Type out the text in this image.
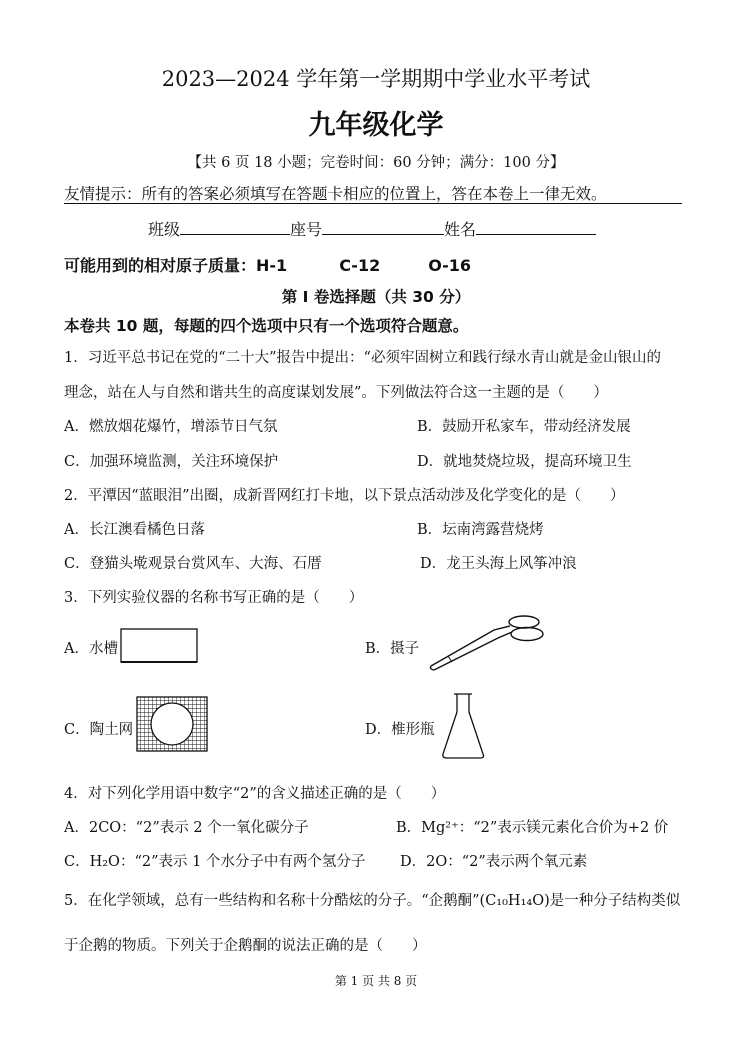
2023—2024 学年第一学期期中学业水平考试
九年级化学
【共 6 页 18 小题；完卷时间：60 分钟；满分：100 分】
友情提示：所有的答案必须填写在答题卡相应的位置上，答在本卷上一律无效。
班级	座号	姓名
可能用到的相对原子质量：H-1	C-12	O-16
第 I 卷选择题（共 30 分）
本卷共 10 题，每题的四个选项中只有一个选项符合题意。
1．习近平总书记在党的“二十大”报告中提出：“必须牢固树立和践行绿水青山就是金山银山的
理念，站在人与自然和谐共生的高度谋划发展”。下列做法符合这一主题的是（　　）
A．燃放烟花爆竹，增添节日气氛	B．鼓励开私家车，带动经济发展
C．加强环境监测，关注环境保护	D．就地焚烧垃圾，提高环境卫生
2．平潭因“蓝眼泪”出圈，成新晋网红打卡地，以下景点活动涉及化学变化的是（　　）
A．长江澳看橘色日落	B．坛南湾露营烧烤
C．登猫头墘观景台赏风车、大海、石厝	D．龙王头海上风筝冲浪
3．下列实验仪器的名称书写正确的是（　　）
A．水槽	B．摄子
C．陶土网	D．椎形瓶
4．对下列化学用语中数字“2”的含义描述正确的是（　　）
A．2CO：“2”表示 2 个一氧化碳分子	B．Mg²⁺：“2”表示镁元素化合价为+2 价
C．H₂O：“2”表示 1 个水分子中有两个氢分子 D．2O：“2”表示两个氧元素
5．在化学领域，总有一些结构和名称十分酷炫的分子。“企鹅酮”(C₁₀H₁₄O)是一种分子结构类似
于企鹅的物质。下列关于企鹅酮的说法正确的是（　　）
第 1 页 共 8 页
